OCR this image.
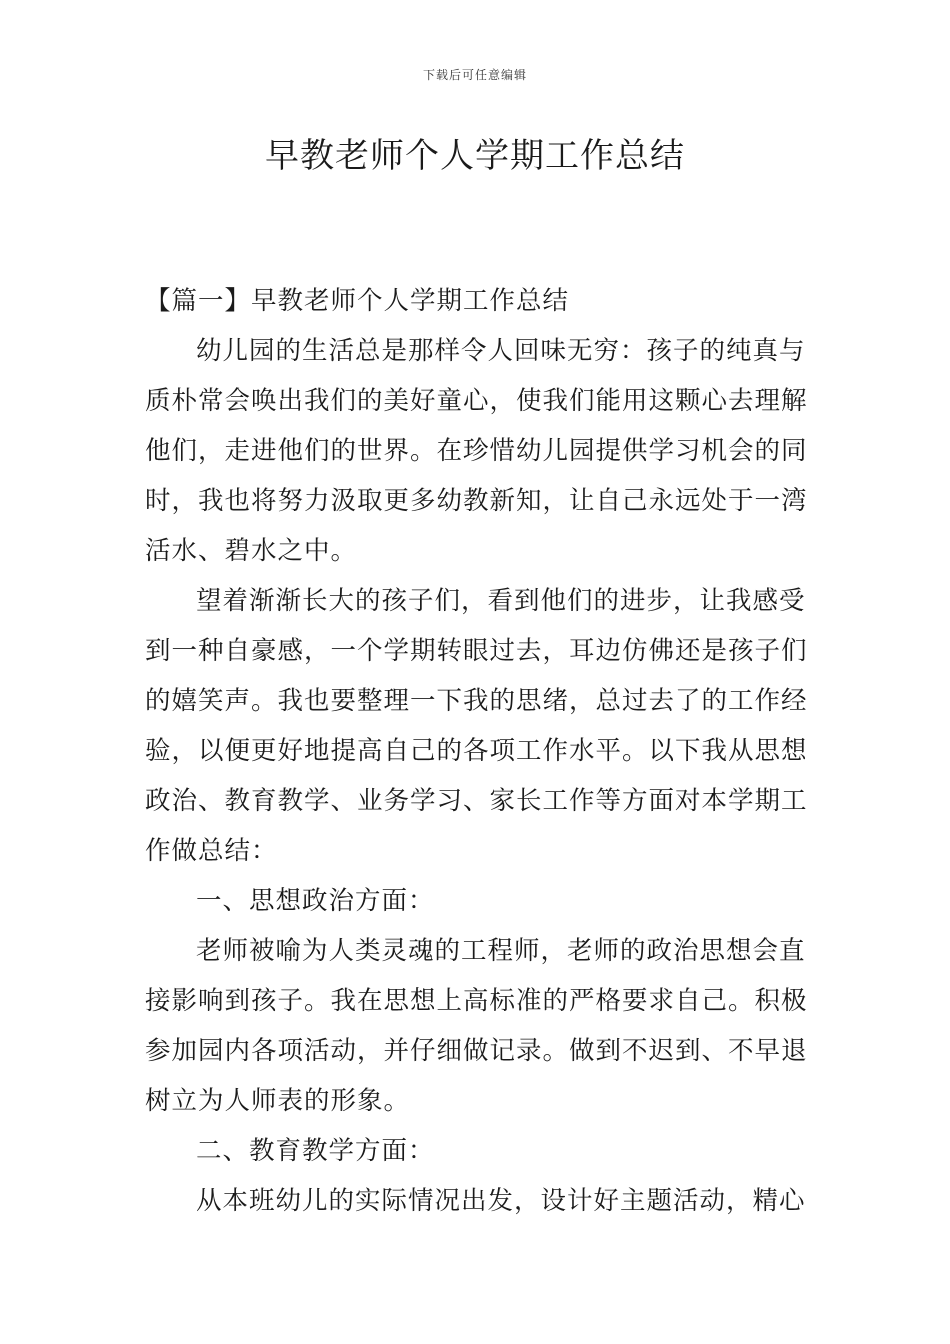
下载后可任意编辑
早教老师个人学期工作总结
【篇一】早教老师个人学期工作总结
幼儿园的生活总是那样令人回味无穷：孩子的纯真与
质朴常会唤出我们的美好童心，使我们能用这颗心去理解
他们，走进他们的世界。在珍惜幼儿园提供学习机会的同
时，我也将努力汲取更多幼教新知，让自己永远处于一湾
活水、碧水之中。
望着渐渐长大的孩子们，看到他们的进步，让我感受
到一种自豪感，一个学期转眼过去，耳边仿佛还是孩子们
的嬉笑声。我也要整理一下我的思绪，总过去了的工作经
验，以便更好地提高自己的各项工作水平。以下我从思想
政治、教育教学、业务学习、家长工作等方面对本学期工
作做总结：
一、思想政治方面：
老师被喻为人类灵魂的工程师，老师的政治思想会直
接影响到孩子。我在思想上高标准的严格要求自己。积极
参加园内各项活动，并仔细做记录。做到不迟到、不早退
树立为人师表的形象。
二、教育教学方面：
从本班幼儿的实际情况出发，设计好主题活动，精心
